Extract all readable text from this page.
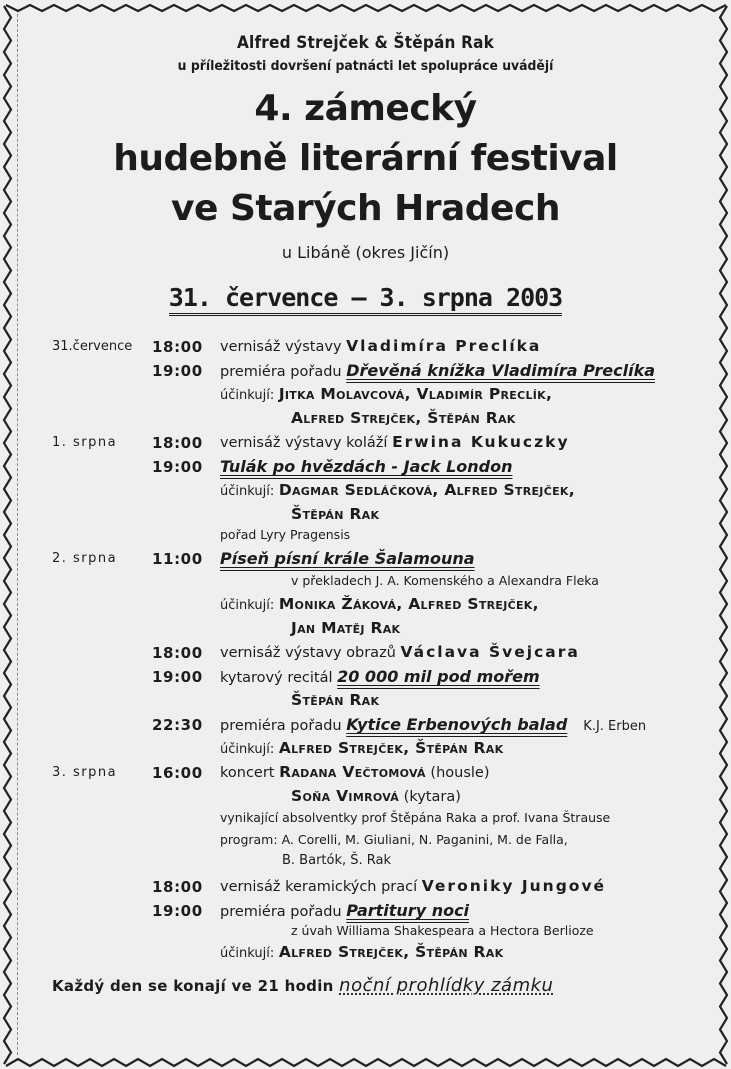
Alfred Strejček & Štěpán Rak
u příležitosti dovršení patnácti let spolupráce uvádějí
4. zámecký
hudebně literární festival
ve Starých Hradech
u Libáně (okres Jičín)
31. července – 3. srpna 2003
31.července 18:00 vernisáž výstavy Vladimíra Preclíka
19:00 premiéra pořadu Dřevěná knížka Vladimíra Preclíka
účinkují: Jitka Molavcová, Vladimír Preclík,
Alfred Strejček, Štěpán Rak
1. srpna 18:00 vernisáž výstavy koláží Erwina Kukuczky
19:00 Tulák po hvězdách - Jack London
účinkují: Dagmar Sedláčková, Alfred Strejček,
Štěpán Rak
pořad Lyry Pragensis
2. srpna 11:00 Píseň písní krále Šalamouna
v překladech J. A. Komenského a Alexandra Fleka
účinkují: Monika Žáková, Alfred Strejček,
Jan Matěj Rak
18:00 vernisáž výstavy obrazů Václava Švejcara
19:00 kytarový recitál 20 000 mil pod mořem
Štěpán Rak
22:30 premiéra pořadu Kytice Erbenových balad K.J. Erben
účinkují: Alfred Strejček, Štěpán Rak
3. srpna 16:00 koncert Radana Večtomová (housle)
Soňa Vimrová (kytara)
vynikající absolventky prof Štěpána Raka a prof. Ivana Štrause
program: A. Corelli, M. Giuliani, N. Paganini, M. de Falla,
B. Bartók, Š. Rak
18:00 vernisáž keramických prací Veroniky Jungové
19:00 premiéra pořadu Partitury noci
z úvah Williama Shakespeara a Hectora Berlioze
účinkují: Alfred Strejček, Štěpán Rak
Každý den se konají ve 21 hodin noční prohlídky zámku
